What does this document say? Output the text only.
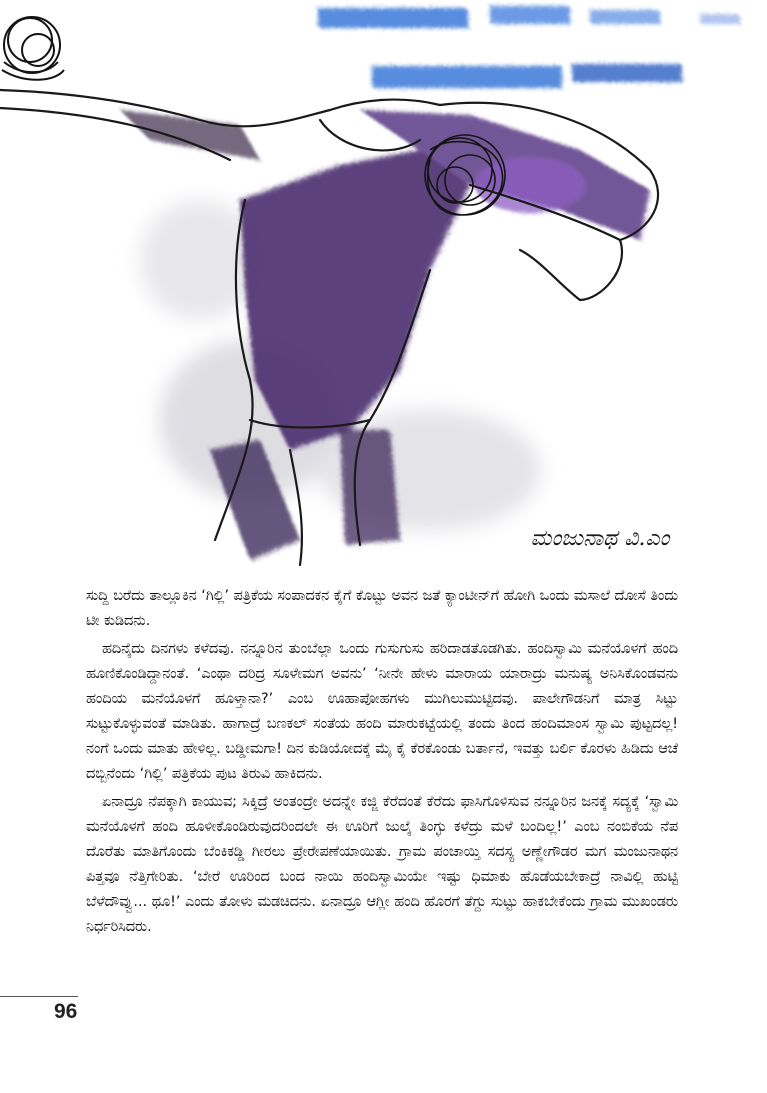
ಮಂಜುನಾಥ ವಿ.ಎಂ

ಸುದ್ದಿ ಬರೆದು ತಾಲ್ಲೂಕಿನ ‘ಗಿಲ್ಲಿ’ ಪತ್ರಿಕೆಯ ಸಂಪಾದಕನ ಕೈಗೆ ಕೊಟ್ಟು ಅವನ ಜತೆ ಕ್ಯಾಂಟೀನ್‌ಗೆ ಹೋಗಿ ಒಂದು ಮಸಾಲೆ ದೋಸೆ ತಿಂದು ಟೀ ಕುಡಿದನು.

ಹದಿನೈದು ದಿನಗಳು ಕಳೆದವು. ನನ್ನೂರಿನ ತುಂಬೆಲ್ಲಾ ಒಂದು ಗುಸುಗುಸು ಹರಿದಾಡತೊಡಗಿತು. ಹಂದಿಸ್ವಾಮಿ ಮನೆಯೊಳಗೆ ಹಂದಿ ಹೂಣಿಕೊಂಡಿದ್ದಾನಂತೆ. ‘ಎಂಥಾ ದರಿದ್ರ ಸೂಳೇಮಗ ಅವನು’ ‘ನೀನೇ ಹೇಳು ಮಾರಾಯ ಯಾರಾದ್ರು ಮನುಷ್ಯ ಅನಿಸಿಕೊಂಡವನು ಹಂದಿಯ ಮನೆಯೊಳಗೆ ಹೂಳ್ತಾನಾ?’ ಎಂಬ ಊಹಾಪೋಹಗಳು ಮುಗಿಲುಮುಟ್ಟಿದವು. ಪಾಲೇಗೌಡನಿಗೆ ಮಾತ್ರ ಸಿಟ್ಟು ಸುಟ್ಟುಕೊಳ್ಳುವಂತೆ ಮಾಡಿತು. ಹಾಗಾದ್ರೆ ಬಣಕಲ್ ಸಂತೆಯ ಹಂದಿ ಮಾರುಕಟ್ಟೆಯಲ್ಲಿ ತಂದು ತಿಂದ ಹಂದಿಮಾಂಸ ಸ್ವಾಮಿ ಪುಟ್ಟದಲ್ಲ! ನಂಗೆ ಒಂದು ಮಾತು ಹೇಳಿಲ್ಲ. ಬಡ್ಡೀಮಗಾ! ದಿನ ಕುಡಿಯೋದಕ್ಕೆ ಮೈ ಕೈ ಕೆರಕೊಂಡು ಬರ್ತಾನೆ, ಇವತ್ತು ಬರ್ಲಿ ಕೊರಳು ಹಿಡಿದು ಆಚೆ ದಬ್ಬಿನೆಂದು ‘ಗಿಲ್ಲಿ’ ಪತ್ರಿಕೆಯ ಪುಟ ತಿರುವಿ ಹಾಕಿದನು.

ಏನಾದ್ರೂ ನೆಪಕ್ಕಾಗಿ ಕಾಯುವ; ಸಿಕ್ಕಿದ್ರೆ ಅಂತಂದ್ರೇ ಅದನ್ನೇ ಕಜ್ಜಿ ಕೆರೆದಂತೆ ಕೆರೆದು ಫಾಸಿಗೊಳಿಸುವ ನನ್ನೂರಿನ ಜನಕ್ಕೆ ಸದ್ಯಕ್ಕೆ ‘ಸ್ವಾಮಿ ಮನೆಯೊಳಗೆ ಹಂದಿ ಹೂಳೀಕೊಂಡಿರುವುದರಿಂದಲೇ ಈ ಊರಿಗೆ ಜುಲೈ ತಿಂಗ್ಳು ಕಳೆದ್ರು ಮಳೆ ಬಂದಿಲ್ಲ!’ ಎಂಬ ನಂಬಿಕೆಯ ನೆಪ ದೊರೆತು ಮಾತಿಗೊಂದು ಬೆಂಕಿಕಡ್ಡಿ ಗೀರಲು ಪ್ರೇರೇಪಣೆಯಾಯಿತು. ಗ್ರಾಮ ಪಂಚಾಯ್ತಿ ಸದಸ್ಯ ಅಣ್ಣೇಗೌಡರ ಮಗ ಮಂಜುನಾಥನ ಪಿತ್ತವೂ ನೆತ್ತಿಗೇರಿತು. ‘ಬೇರೆ ಊರಿಂದ ಬಂದ ನಾಯಿ ಹಂದಿಸ್ವಾಮಿಯೇ ಇಷ್ಟು ಧಿಮಾಕು ಹೊಡೆಯಬೇಕಾದ್ರೆ ನಾವಿಲ್ಲಿ ಹುಟ್ಟಿ ಬೆಳೆದೌವ್ವು... ಥೂ!’ ಎಂದು ತೋಳು ಮಡಚಿದನು. ಏನಾದ್ರೂ ಆಗ್ಲೀ ಹಂದಿ ಹೊರಗೆ ತೆಗ್ದು ಸುಟ್ಟು ಹಾಕಬೇಕೆಂದು ಗ್ರಾಮ ಮುಖಂಡರು ನಿರ್ಧರಿಸಿದರು.

96
